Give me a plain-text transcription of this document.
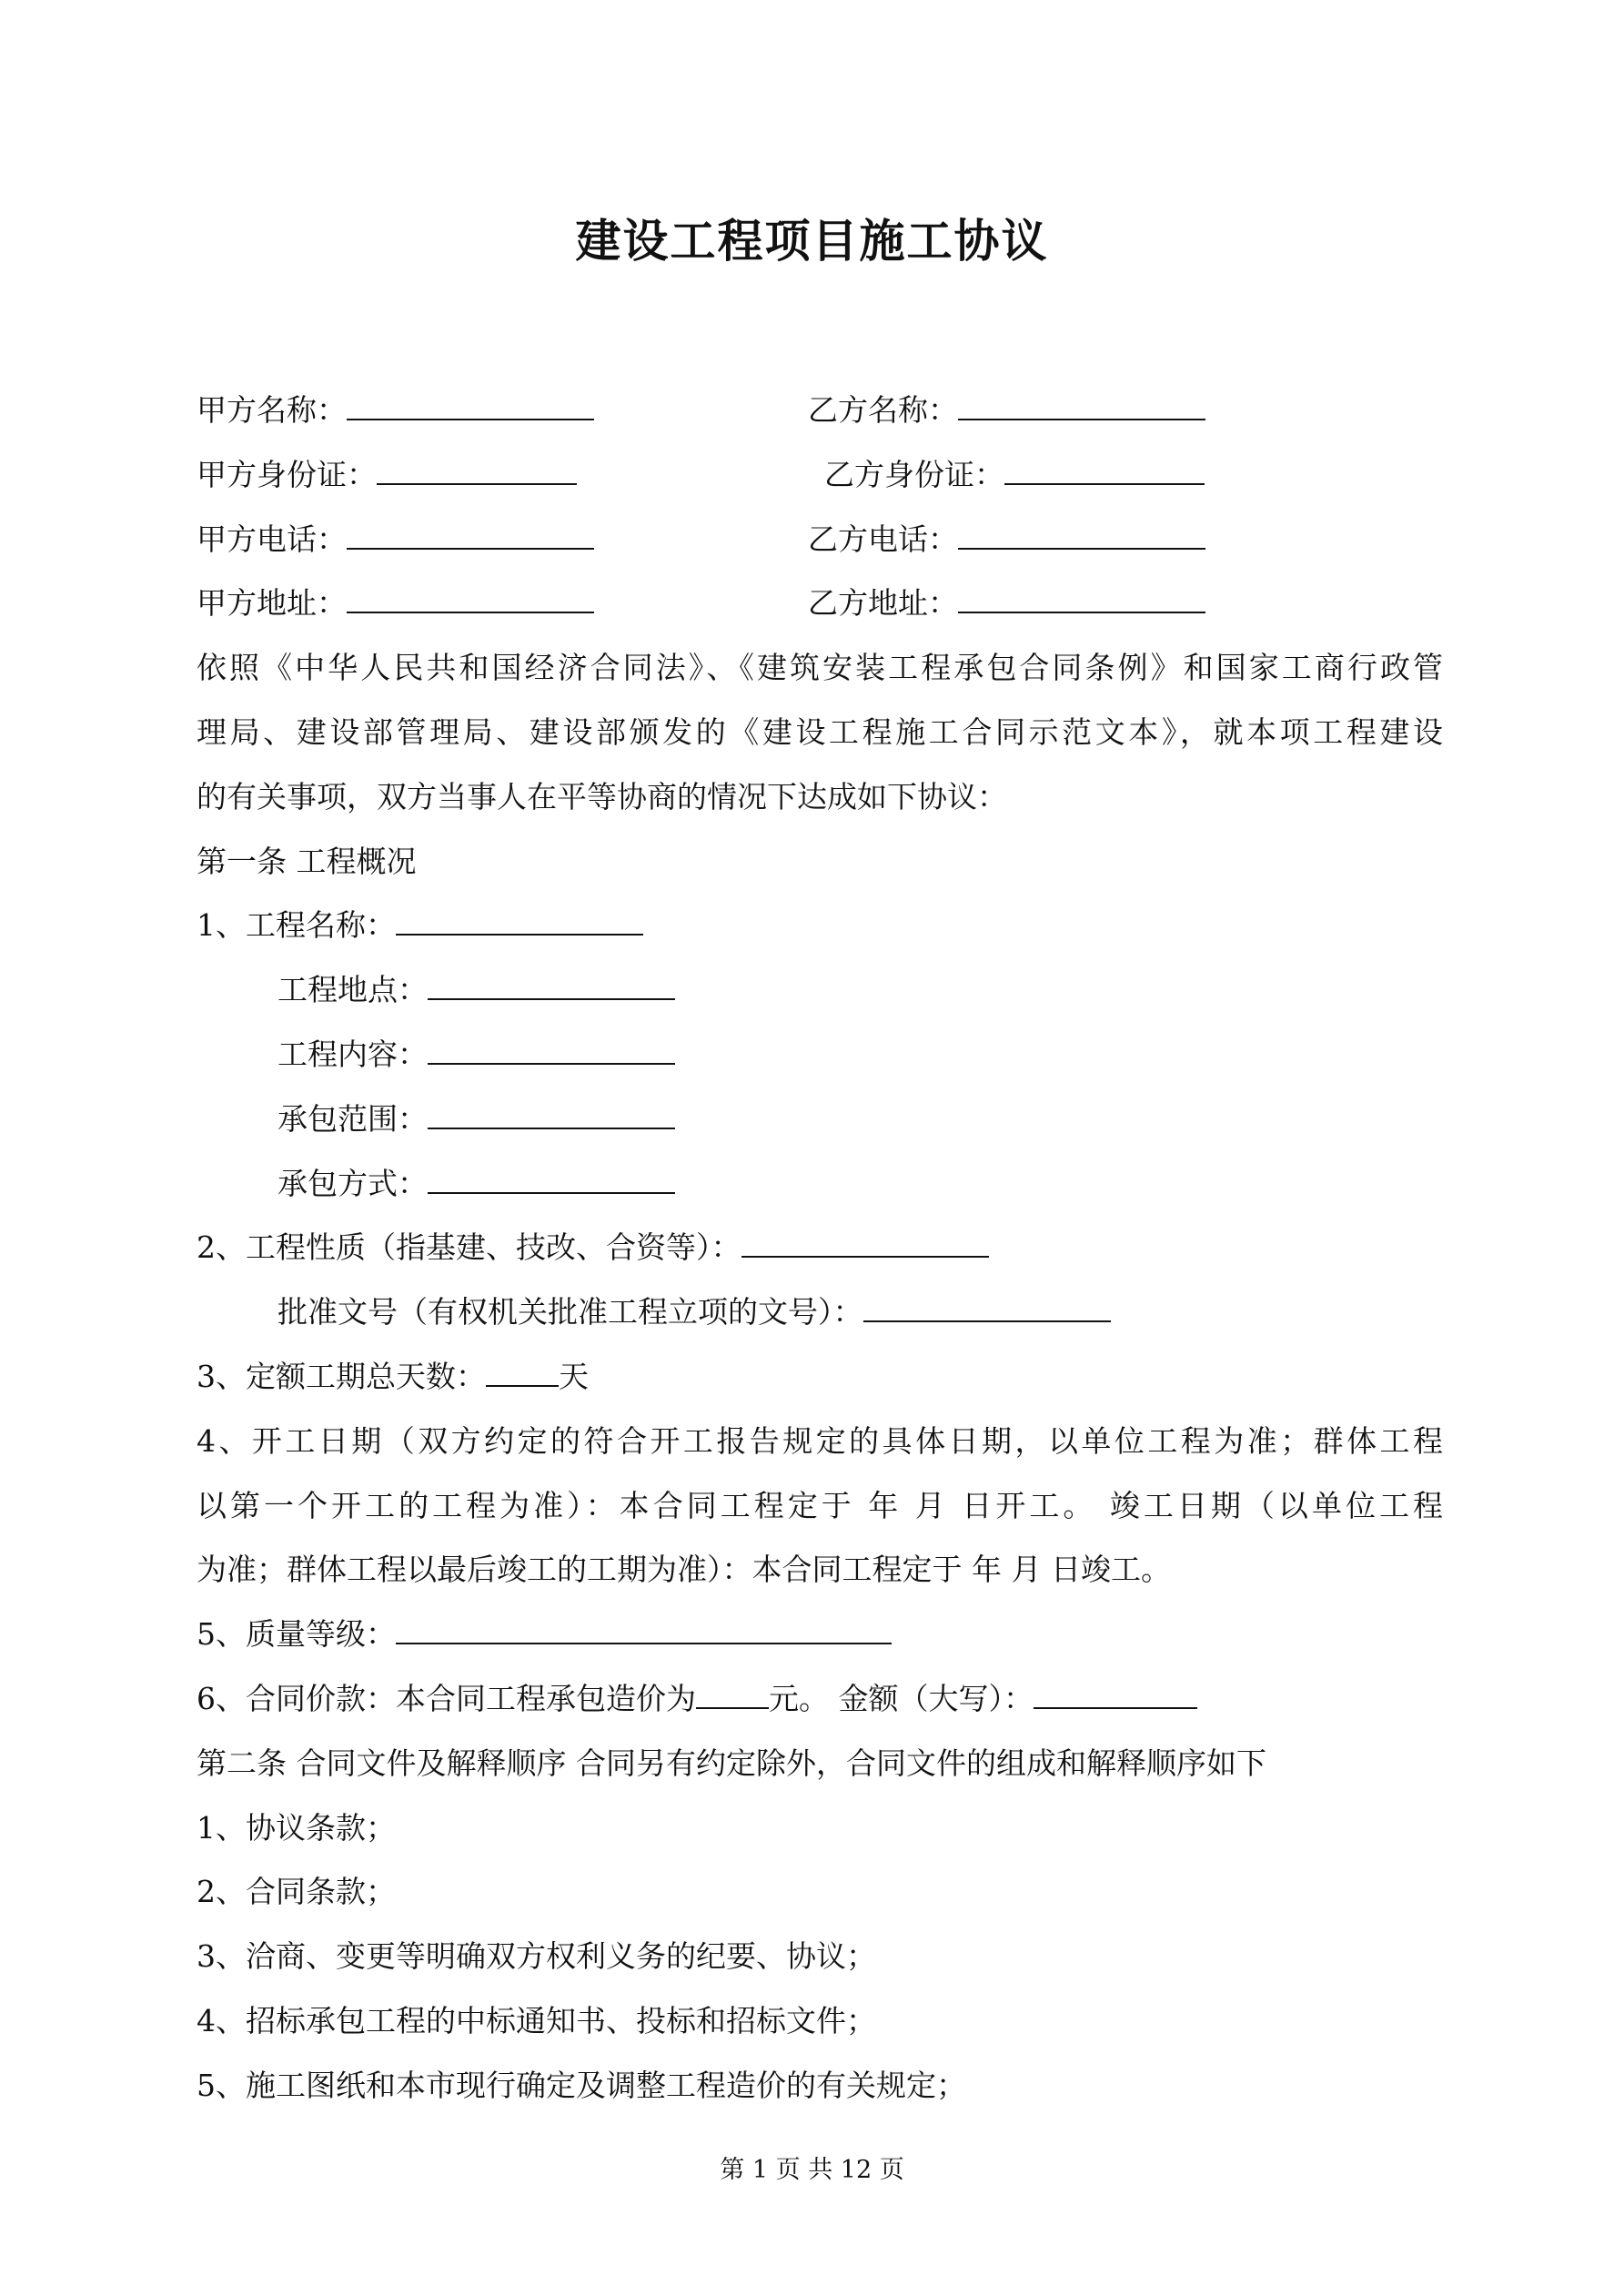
建设工程项目施工协议
甲方名称：	乙方名称：
甲方身份证：	乙方身份证：
甲方电话：	乙方电话：
甲方地址：	乙方地址：
依照《中华人民共和国经济合同法》、《建筑安装工程承包合同条例》和国家工商行政管
理局、建设部管理局、建设部颁发的《建设工程施工合同示范文本》，就本项工程建设
的有关事项，双方当事人在平等协商的情况下达成如下协议：
第一条 工程概况
1、工程名称：
工程地点：
工程内容：
承包范围：
承包方式：
2、工程性质（指基建、技改、合资等）：
批准文号（有权机关批准工程立项的文号）：
3、定额工期总天数： 天
4、开工日期（双方约定的符合开工报告规定的具体日期，以单位工程为准；群体工程
以第一个开工的工程为准）：本合同工程定于 年 月 日开工。 竣工日期（以单位工程
为准；群体工程以最后竣工的工期为准）：本合同工程定于 年 月 日竣工。
5、质量等级：
6、合同价款：本合同工程承包造价为 元。 金额（大写）：
第二条 合同文件及解释顺序 合同另有约定除外，合同文件的组成和解释顺序如下
1、协议条款；
2、合同条款；
3、洽商、变更等明确双方权利义务的纪要、协议；
4、招标承包工程的中标通知书、投标和招标文件；
5、施工图纸和本市现行确定及调整工程造价的有关规定；
第 1 页 共 12 页
